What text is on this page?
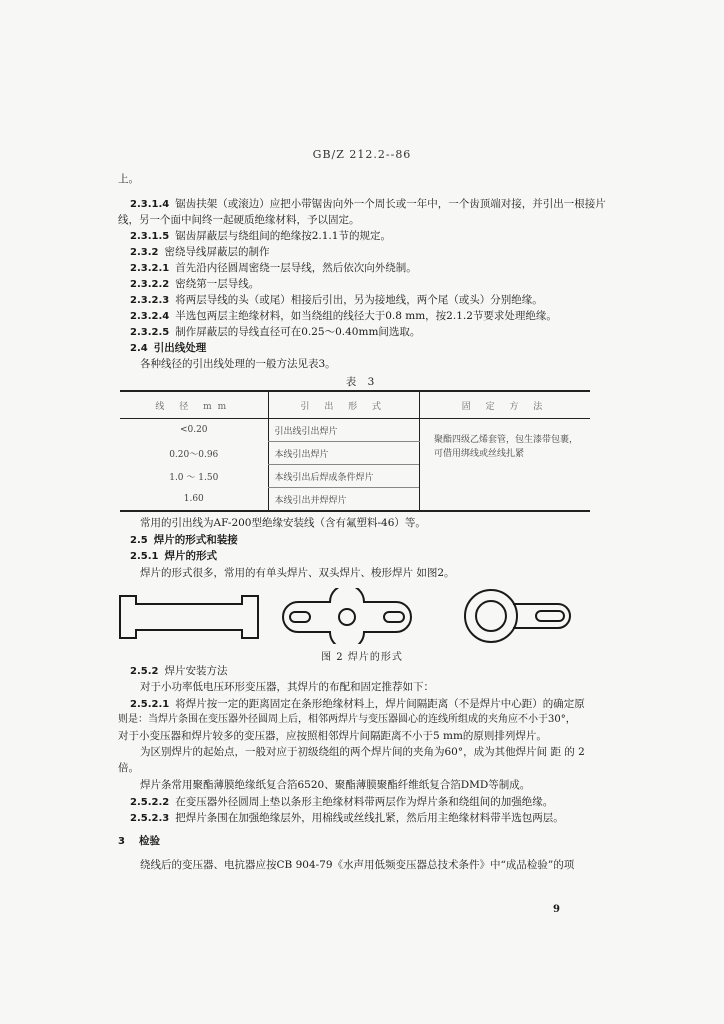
GB/Z 212.2--86
上。
2.3.1.4 锯齿扶架（或滚边）应把小带锯齿向外一个周长或一年中，一个齿顶端对接，并引出一根接片
线，另一个面中间终一起硬质绝缘材料，予以固定。
2.3.1.5 锯齿屏蔽层与绕组间的绝缘按2.1.1节的规定。
2.3.2 密绕导线屏蔽层的制作
2.3.2.1 首先沿内径圆周密绕一层导线，然后依次向外绕制。
2.3.2.2 密绕第一层导线。
2.3.2.3 将两层导线的头（或尾）相接后引出，另为接地线，两个尾（或头）分别绝缘。
2.3.2.4 半选包两层主绝缘材料，如当绕组的线径大于0.8 mm，按2.1.2节要求处理绝缘。
2.3.2.5 制作屏蔽层的导线直径可在0.25～0.40mm间选取。
2.4 引出线处理
各种线径的引出线处理的一般方法见表3。
表 3
线 径 mm	引 出 形 式	固 定 方 法
<0.20	引出线引出焊片	聚酯四级乙烯套管，包生漆带包裹，可借用绑线或丝线扎紧

0.20～0.96	本线引出焊片	
1.0 ～ 1.50	本线引出后焊成条件焊片	
1.60	本线引出并焊焊片	
常用的引出线为AF-200型绝缘安装线（含有氟塑料-46）等。
2.5 焊片的形式和装接
2.5.1 焊片的形式
焊片的形式很多，常用的有单头焊片、双头焊片、梭形焊片 如图2。
图 2 焊片的形式
2.5.2 焊片安装方法
对于小功率低电压环形变压器，其焊片的布配和固定推荐如下：
2.5.2.1 将焊片按一定的距离固定在条形绝缘材料上，焊片间隔距离（不是焊片中心距）的确定原
则是：当焊片条围在变压器外径圆周上后，相邻两焊片与变压器圆心的连线所组成的夹角应不小于30°，
对于小变压器和焊片较多的变压器，应按照相邻焊片间隔距离不小于5 mm的原则排列焊片。
为区别焊片的起始点，一般对应于初级绕组的两个焊片间的夹角为60°，成为其他焊片间 距 的 2
倍。
焊片条常用聚酯薄膜绝缘纸复合箔6520、聚酯薄膜聚酯纤维纸复合箔DMD等制成。
2.5.2.2 在变压器外径圆周上垫以条形主绝缘材料带两层作为焊片条和绕组间的加强绝缘。
2.5.2.3 把焊片条围在加强绝缘层外，用棉线或丝线扎紧，然后用主绝缘材料带半选包两层。
3 检验
绕线后的变压器、电抗器应按CB 904-79《水声用低频变压器总技术条件》中“成品检验”的项
9
